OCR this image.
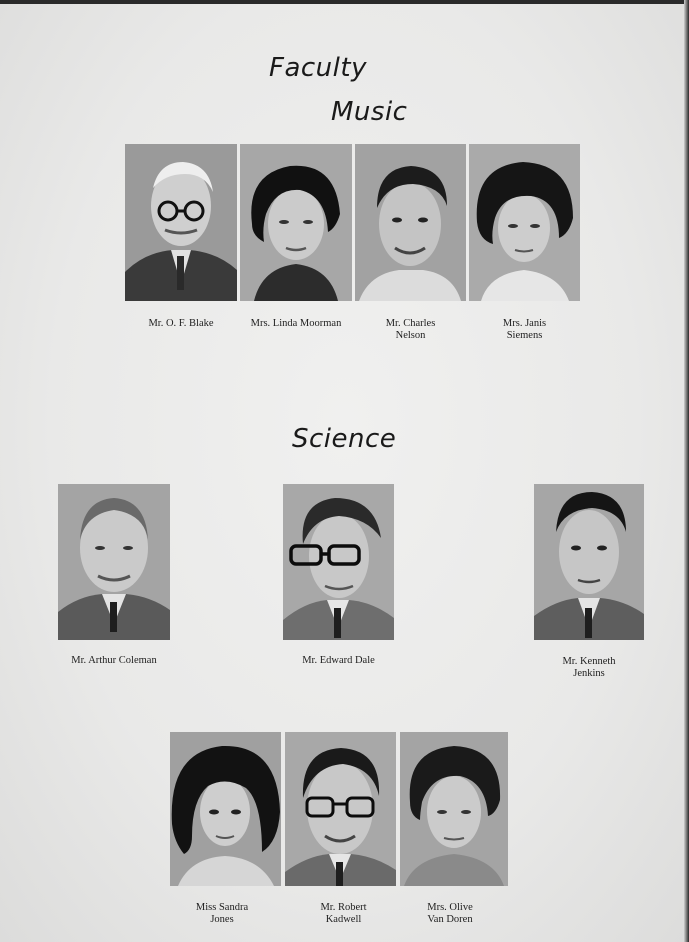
Faculty
Music
Science
Mr. O. F. Blake	Mrs. Linda Moorman	Mr. Charles
Nelson
Mrs. Janis
Siemens
Mr. Arthur Coleman	Mr. Edward Dale	Mr. Kenneth
Jenkins
Miss Sandra
Jones
Mr. Robert
Kadwell
Mrs. Olive
Van Doren
